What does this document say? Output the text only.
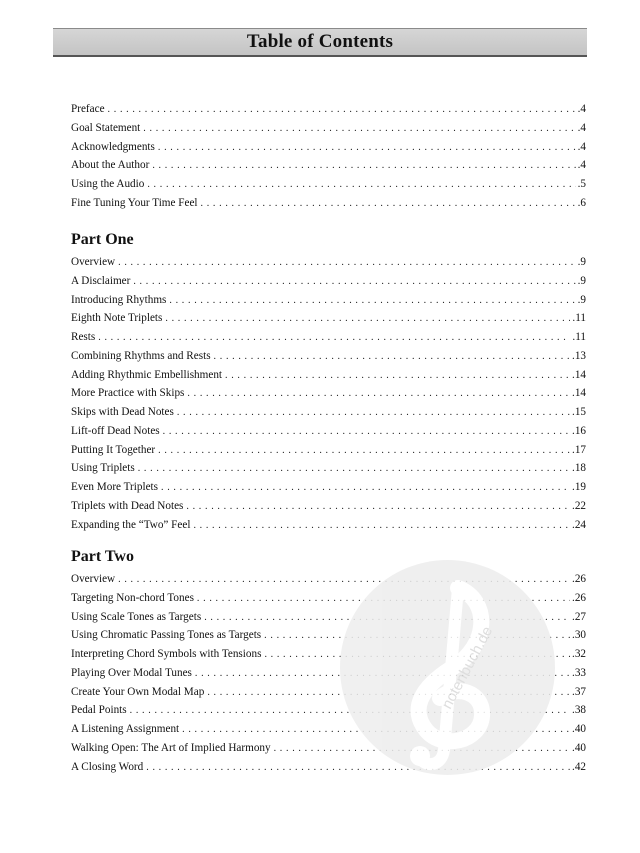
Table of Contents
Preface . . .	.4
Goal Statement . . .	.4
Acknowledgments . . .	.4
About the Author . . .	.4
Using the Audio . . .	.5
Fine Tuning Your Time Feel . . .	.6
Part One
Overview . . .	.9
A Disclaimer . . .	.9
Introducing Rhythms . . .	.9
Eighth Note Triplets . . .	.11
Rests . . .	.11
Combining Rhythms and Rests . . .	.13
Adding Rhythmic Embellishment . . .	.14
More Practice with Skips . . .	.14
Skips with Dead Notes . . .	.15
Lift-off Dead Notes . . .	.16
Putting It Together . . .	.17
Using Triplets . . .	.18
Even More Triplets . . .	.19
Triplets with Dead Notes . . .	.22
Expanding the “Two” Feel . . .	.24
Part Two
Overview . . .	.26
Targeting Non-chord Tones . . .	.26
Using Scale Tones as Targets . . .	.27
Using Chromatic Passing Tones as Targets . . .	.30
Interpreting Chord Symbols with Tensions . . .	.32
Playing Over Modal Tunes . . .	.33
Create Your Own Modal Map . . .	.37
Pedal Points . . .	.38
A Listening Assignment . . .	.40
Walking Open: The Art of Implied Harmony . . .	.40
A Closing Word . . .	.42
notenbuch.de
